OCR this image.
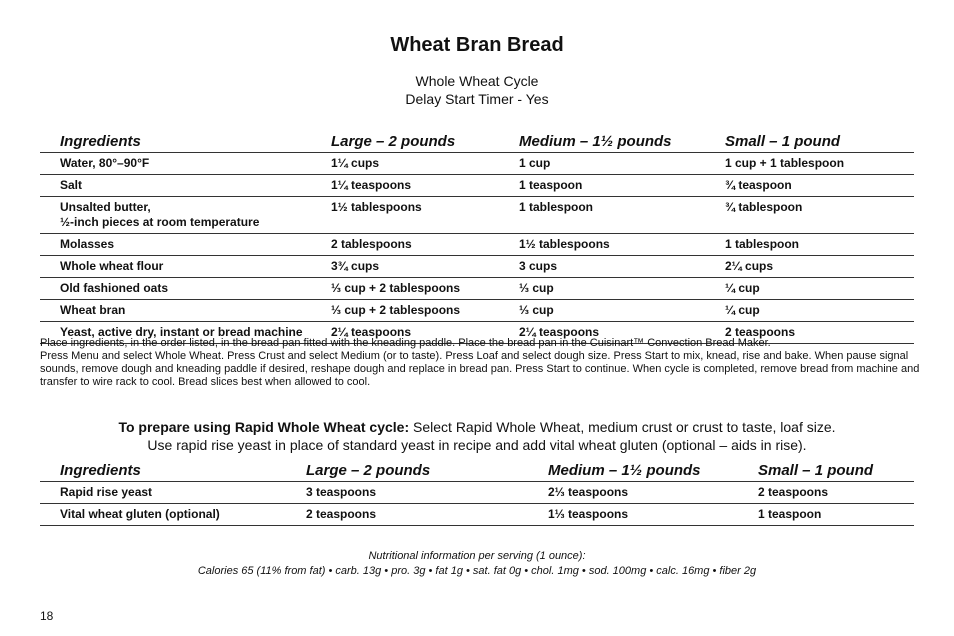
Wheat Bran Bread
Whole Wheat Cycle
Delay Start Timer - Yes
Ingredients	Large – 2 pounds	Medium – 1½ pounds	Small – 1 pound
Water, 80°–90°F	1¼ cups	1 cup	1 cup + 1 tablespoon
Salt	1¼ teaspoons	1 teaspoon	¾ teaspoon
Unsalted butter,
½-inch pieces at room temperature	1½ tablespoons	1 tablespoon	¾ tablespoon
Molasses	2 tablespoons	1½ tablespoons	1 tablespoon
Whole wheat flour	3¾ cups	3 cups	2¼ cups
Old fashioned oats	⅓ cup + 2 tablespoons	⅓ cup	¼ cup
Wheat bran	⅓ cup + 2 tablespoons	⅓ cup	¼ cup
Yeast, active dry, instant or bread machine	2¼ teaspoons	2¼ teaspoons	2 teaspoons

Place ingredients, in the order listed, in the bread pan fitted with the kneading paddle. Place the bread pan in the Cuisinart™ Convection Bread Maker.

Press Menu and select Whole Wheat. Press Crust and select Medium (or to taste). Press Loaf and select dough size. Press Start to mix, knead, rise and bake. When pause signal sounds, remove dough and kneading paddle if desired, reshape dough and replace in bread pan. Press Start to continue. When cycle is completed, remove bread from machine and transfer to wire rack to cool. Bread slices best when allowed to cool.

To prepare using Rapid Whole Wheat cycle: Select Rapid Whole Wheat, medium crust or crust to taste, loaf size.
Use rapid rise yeast in place of standard yeast in recipe and add vital wheat gluten (optional – aids in rise).
Ingredients	Large – 2 pounds	Medium – 1½ pounds	Small – 1 pound
Rapid rise yeast	3 teaspoons	2⅓ teaspoons	2 teaspoons
Vital wheat gluten (optional)	2 teaspoons	1⅓ teaspoons	1 teaspoon
Nutritional information per serving (1 ounce):
Calories 65 (11% from fat) • carb. 13g • pro. 3g • fat 1g • sat. fat 0g • chol. 1mg • sod. 100mg • calc. 16mg • fiber 2g
18
